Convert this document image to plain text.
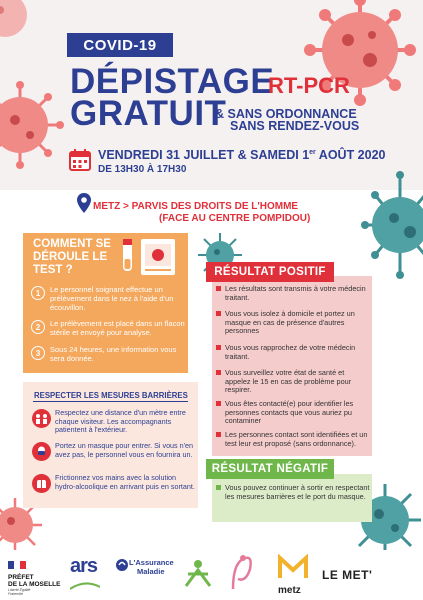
COVID-19
DÉPISTAGE
RT-PCR
GRATUIT
& SANS ORDONNANCE
SANS RENDEZ-VOUS
VENDREDI 31 JUILLET & SAMEDI 1er AOÛT 2020
DE 13H30 À 17H30
METZ > PARVIS DES DROITS DE L'HOMME
(FACE AU CENTRE POMPIDOU)
COMMENT SE DÉROULE LE TEST ?
1	Le personnel soignant effectue un prélèvement dans le nez à l'aide d'un écouvillon.
2	Le prélèvement est placé dans un flacon stérile et envoyé pour analyse.
3	Sous 24 heures, une information vous sera donnée.
RESPECTER LES MESURES BARRIÈRES
Respectez une distance d'un mètre entre chaque visiteur. Les accompagnants patientent à l'extérieur.
Portez un masque pour entrer. Si vous n'en avez pas, le personnel vous en fournira un.
Frictionnez vos mains avec la solution hydro-alcoolique en arrivant puis en sortant.
Les résultats sont transmis à votre médecin traitant.
Vous vous isolez à domicile et portez un masque en cas de présence d'autres personnes
Vous vous rapprochez de votre médecin traitant.
Vous surveillez votre état de santé et appelez le 15 en cas de problème pour respirer.
Vous êtes contacté(e) pour identifier les personnes contacts que vous auriez pu contaminer
Les personnes contact sont identifiées et un test leur est proposé (sans ordonnance).
RÉSULTAT POSITIF
Vous pouvez continuer à sortir en respectant les mesures barrières et le port du masque.
RÉSULTAT NÉGATIF
PRÉFET
DE LA MOSELLE
Liberté Égalité Fraternité
ars	L'Assurance
Maladie
metz
LE MET'
